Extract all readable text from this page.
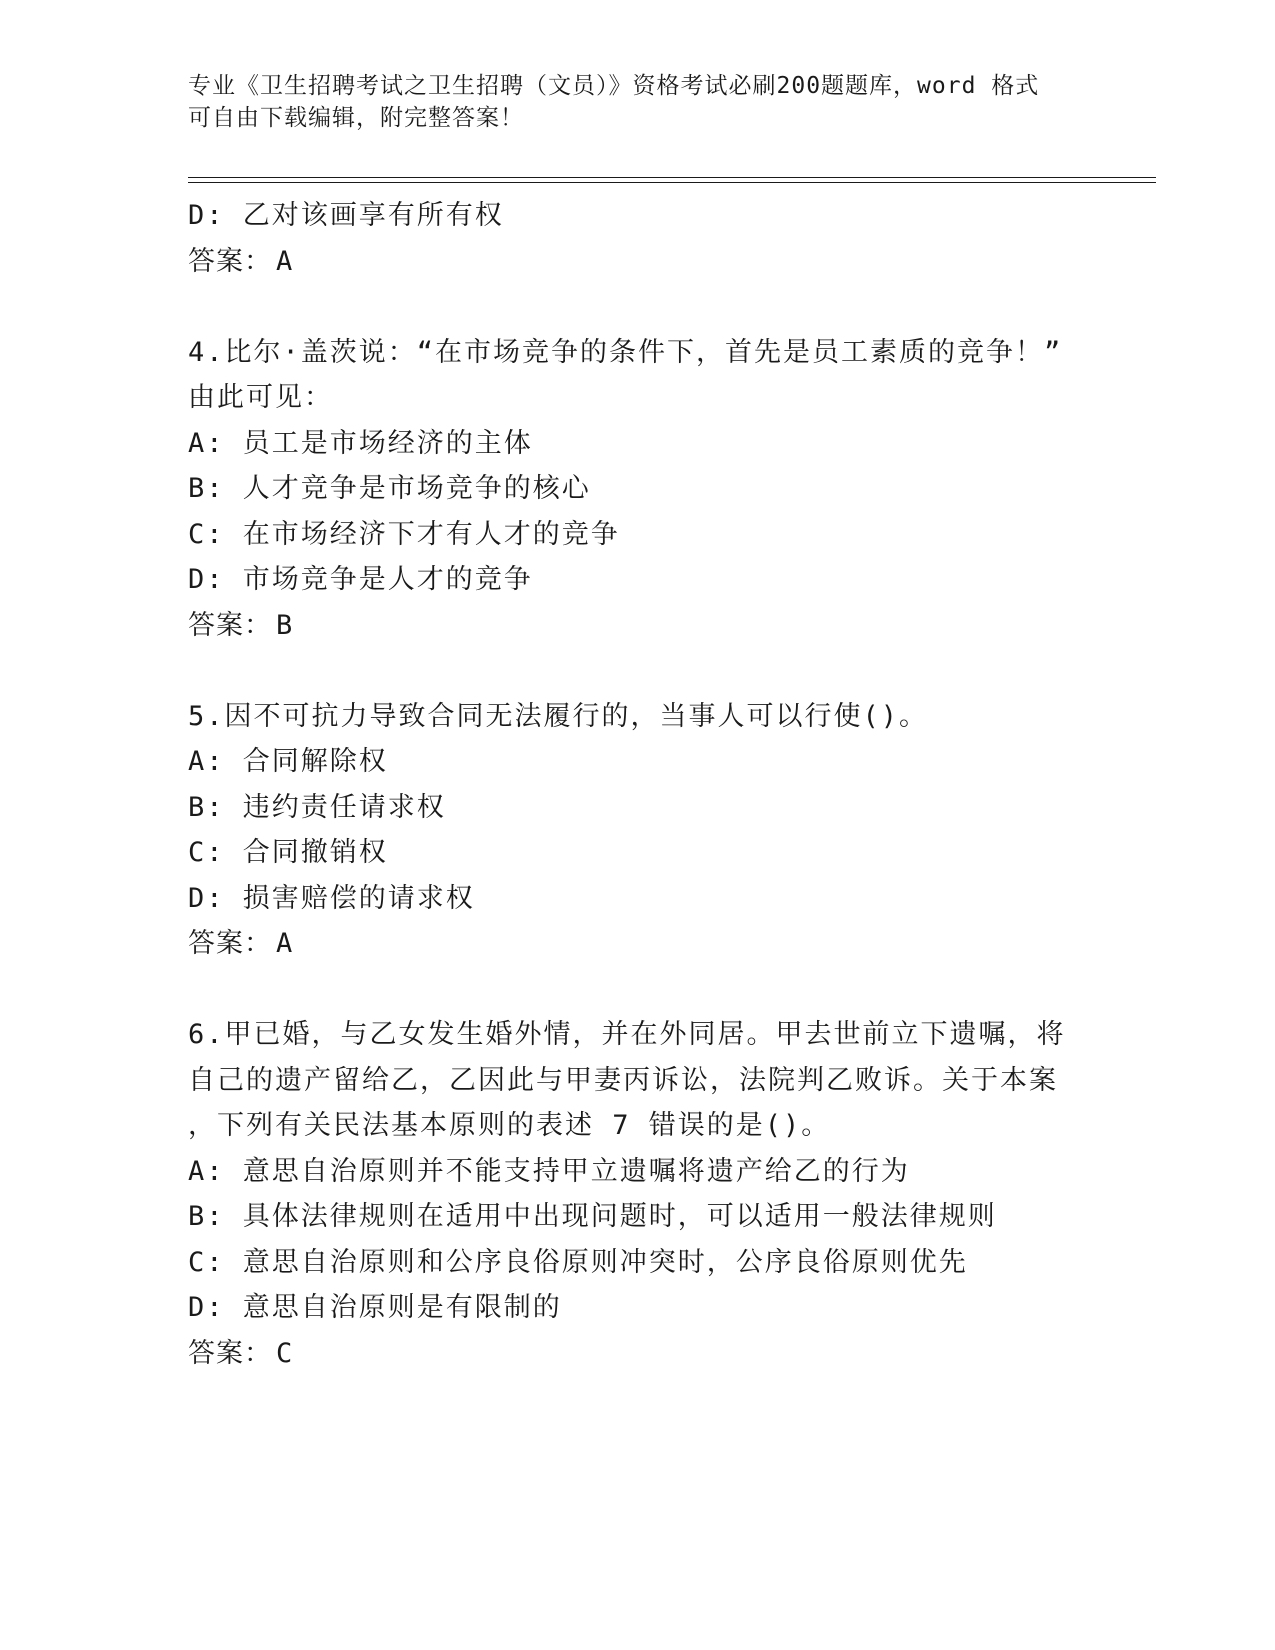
专业《卫生招聘考试之卫生招聘（文员）》资格考试必刷200题题库，word 格式
可自由下载编辑，附完整答案！
D: 乙对该画享有所有权
答案： A
4.比尔·盖茨说：“在市场竞争的条件下，首先是员工素质的竞争！”
由此可见：
A: 员工是市场经济的主体
B: 人才竞争是市场竞争的核心
C: 在市场经济下才有人才的竞争
D: 市场竞争是人才的竞争
答案： B
5.因不可抗力导致合同无法履行的，当事人可以行使()。
A: 合同解除权
B: 违约责任请求权
C: 合同撤销权
D: 损害赔偿的请求权
答案： A
6.甲已婚，与乙女发生婚外情，并在外同居。甲去世前立下遗嘱，将
自己的遗产留给乙，乙因此与甲妻丙诉讼，法院判乙败诉。关于本案
，下列有关民法基本原则的表述 7 错误的是()。
A: 意思自治原则并不能支持甲立遗嘱将遗产给乙的行为
B: 具体法律规则在适用中出现问题时，可以适用一般法律规则
C: 意思自治原则和公序良俗原则冲突时，公序良俗原则优先
D: 意思自治原则是有限制的
答案： C
